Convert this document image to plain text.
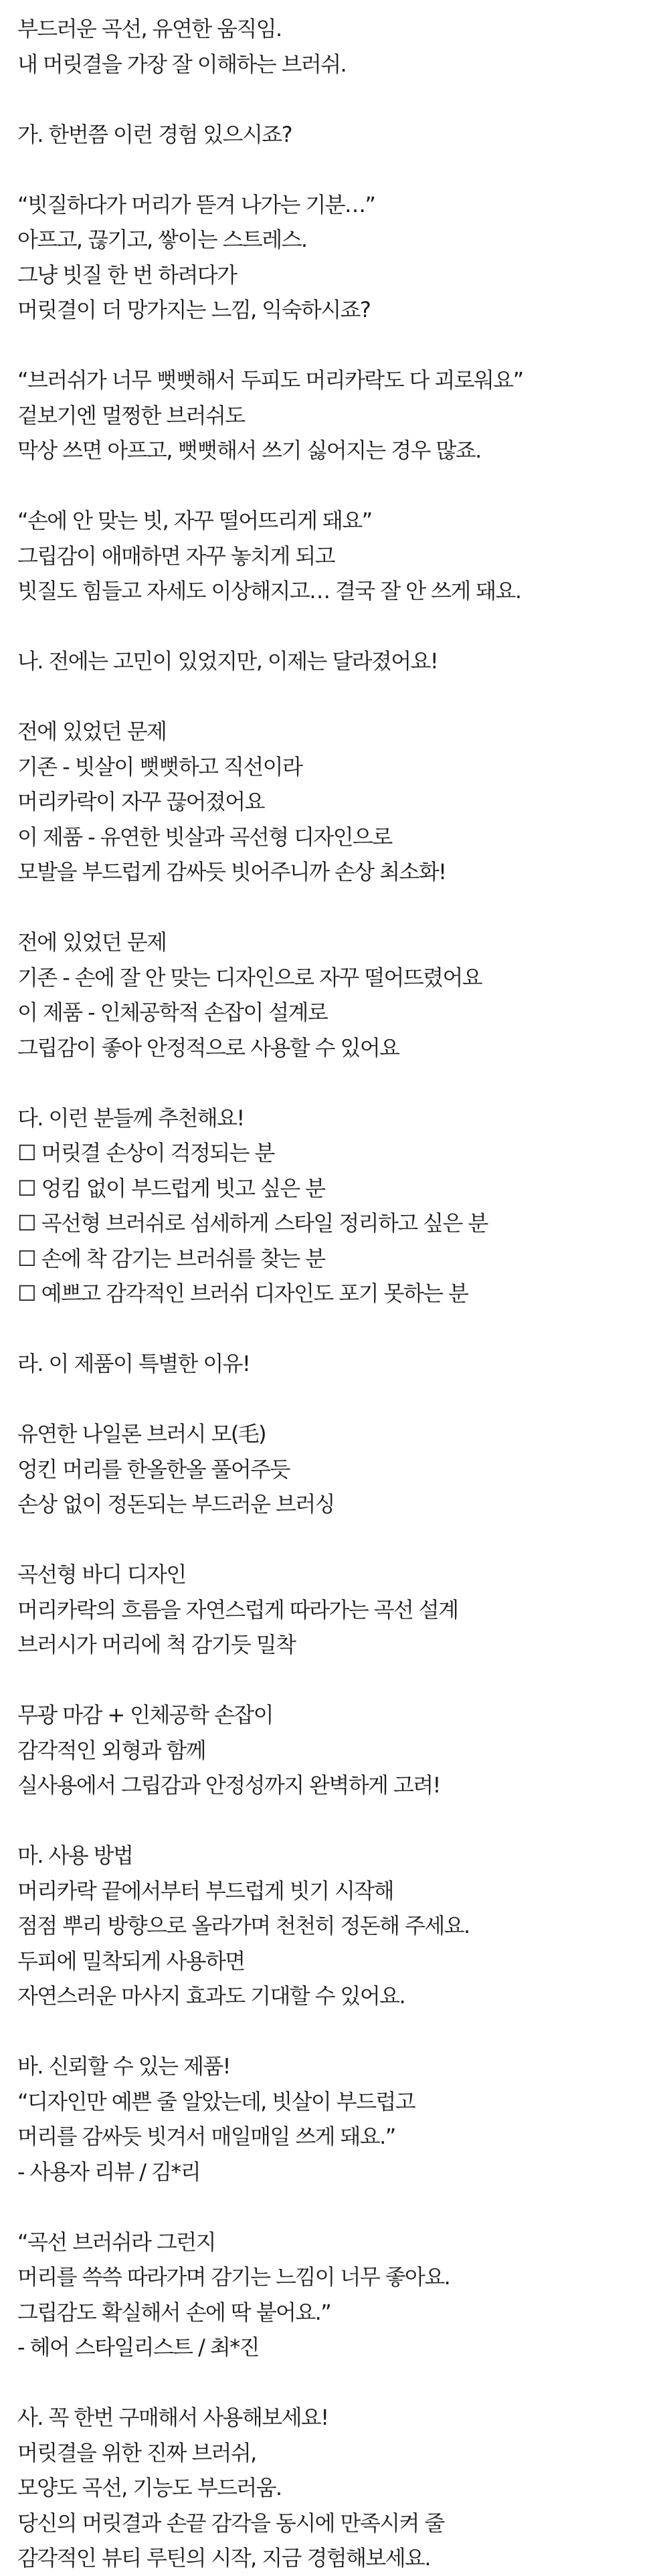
부드러운 곡선, 유연한 움직임.
내 머릿결을 가장 잘 이해하는 브러쉬.
가. 한번쯤 이런 경험 있으시죠?
“빗질하다가 머리가 뜯겨 나가는 기분…”
아프고, 끊기고, 쌓이는 스트레스.
그냥 빗질 한 번 하려다가
머릿결이 더 망가지는 느낌, 익숙하시죠?
“브러쉬가 너무 뻣뻣해서 두피도 머리카락도 다 괴로워요”
겉보기엔 멀쩡한 브러쉬도
막상 쓰면 아프고, 뻣뻣해서 쓰기 싫어지는 경우 많죠.
“손에 안 맞는 빗, 자꾸 떨어뜨리게 돼요”
그립감이 애매하면 자꾸 놓치게 되고
빗질도 힘들고 자세도 이상해지고… 결국 잘 안 쓰게 돼요.
나. 전에는 고민이 있었지만, 이제는 달라졌어요!
전에 있었던 문제
기존 - 빗살이 뻣뻣하고 직선이라
머리카락이 자꾸 끊어졌어요
이 제품 - 유연한 빗살과 곡선형 디자인으로
모발을 부드럽게 감싸듯 빗어주니까 손상 최소화!
전에 있었던 문제
기존 - 손에 잘 안 맞는 디자인으로 자꾸 떨어뜨렸어요
이 제품 - 인체공학적 손잡이 설계로
그립감이 좋아 안정적으로 사용할 수 있어요
다. 이런 분들께 추천해요!
☐ 머릿결 손상이 걱정되는 분
☐ 엉킴 없이 부드럽게 빗고 싶은 분
☐ 곡선형 브러쉬로 섬세하게 스타일 정리하고 싶은 분
☐ 손에 착 감기는 브러쉬를 찾는 분
☐ 예쁘고 감각적인 브러쉬 디자인도 포기 못하는 분
라. 이 제품이 특별한 이유!
유연한 나일론 브러시 모(毛)
엉킨 머리를 한올한올 풀어주듯
손상 없이 정돈되는 부드러운 브러싱
곡선형 바디 디자인
머리카락의 흐름을 자연스럽게 따라가는 곡선 설계
브러시가 머리에 척 감기듯 밀착
무광 마감 + 인체공학 손잡이
감각적인 외형과 함께
실사용에서 그립감과 안정성까지 완벽하게 고려!
마. 사용 방법
머리카락 끝에서부터 부드럽게 빗기 시작해
점점 뿌리 방향으로 올라가며 천천히 정돈해 주세요.
두피에 밀착되게 사용하면
자연스러운 마사지 효과도 기대할 수 있어요.
바. 신뢰할 수 있는 제품!
“디자인만 예쁜 줄 알았는데, 빗살이 부드럽고
머리를 감싸듯 빗겨서 매일매일 쓰게 돼요.”
- 사용자 리뷰 / 김*리
“곡선 브러쉬라 그런지
머리를 쓱쓱 따라가며 감기는 느낌이 너무 좋아요.
그립감도 확실해서 손에 딱 붙어요.”
- 헤어 스타일리스트 / 최*진
사. 꼭 한번 구매해서 사용해보세요!
머릿결을 위한 진짜 브러쉬,
모양도 곡선, 기능도 부드러움.
당신의 머릿결과 손끝 감각을 동시에 만족시켜 줄
감각적인 뷰티 루틴의 시작, 지금 경험해보세요.
